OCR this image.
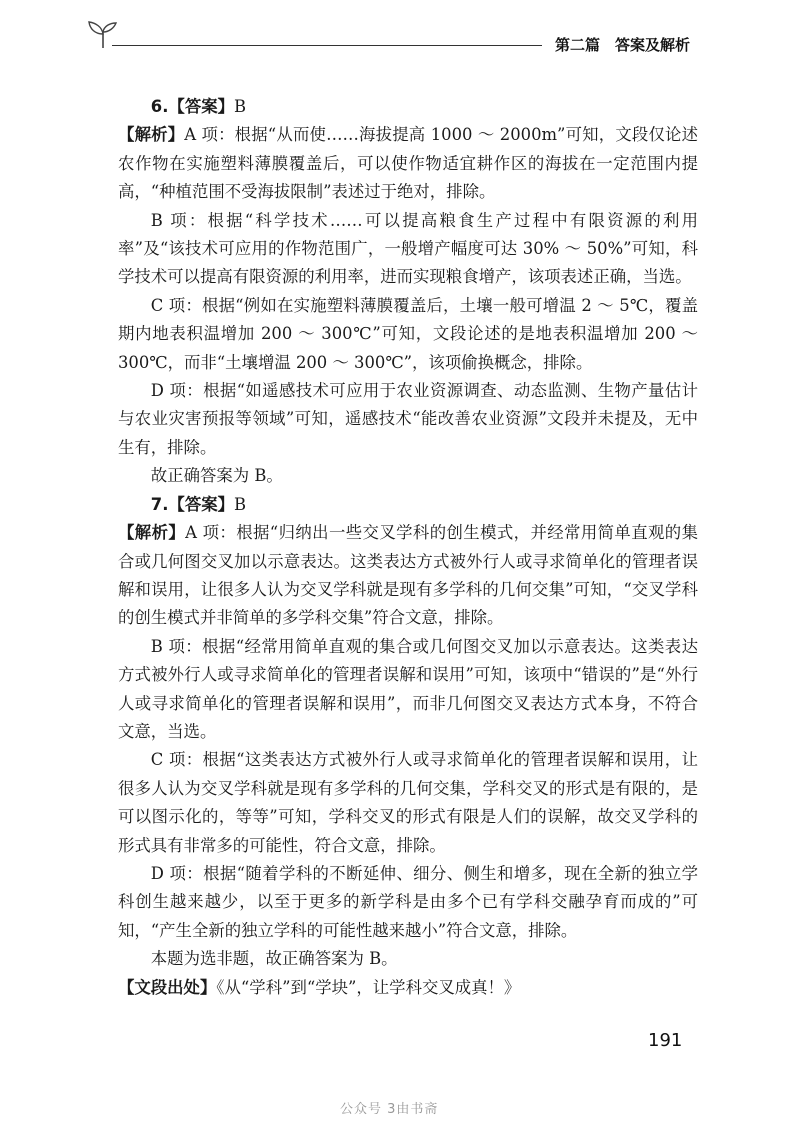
第二篇　答案及解析

6.【答案】B

【解析】A 项：根据“从而使……海拔提高 1000 ～ 2000m”可知，文段仅论述农作物在实施塑料薄膜覆盖后，可以使作物适宜耕作区的海拔在一定范围内提高，“种植范围不受海拔限制”表述过于绝对，排除。

B 项：根据“科学技术……可以提高粮食生产过程中有限资源的利用率”及“该技术可应用的作物范围广，一般增产幅度可达 30% ～ 50%”可知，科学技术可以提高有限资源的利用率，进而实现粮食增产，该项表述正确，当选。

C 项：根据“例如在实施塑料薄膜覆盖后，土壤一般可增温 2 ～ 5℃，覆盖期内地表积温增加 200 ～ 300℃”可知，文段论述的是地表积温增加 200 ～ 300℃，而非“土壤增温 200 ～ 300℃”，该项偷换概念，排除。

D 项：根据“如遥感技术可应用于农业资源调查、动态监测、生物产量估计与农业灾害预报等领域”可知，遥感技术“能改善农业资源”文段并未提及，无中生有，排除。

故正确答案为 B。

7.【答案】B

【解析】A 项：根据“归纳出一些交叉学科的创生模式，并经常用简单直观的集合或几何图交叉加以示意表达。这类表达方式被外行人或寻求简单化的管理者误解和误用，让很多人认为交叉学科就是现有多学科的几何交集”可知，“交叉学科的创生模式并非简单的多学科交集”符合文意，排除。

B 项：根据“经常用简单直观的集合或几何图交叉加以示意表达。这类表达方式被外行人或寻求简单化的管理者误解和误用”可知，该项中“错误的”是“外行人或寻求简单化的管理者误解和误用”，而非几何图交叉表达方式本身，不符合文意，当选。

C 项：根据“这类表达方式被外行人或寻求简单化的管理者误解和误用，让很多人认为交叉学科就是现有多学科的几何交集，学科交叉的形式是有限的，是可以图示化的，等等”可知，学科交叉的形式有限是人们的误解，故交叉学科的形式具有非常多的可能性，符合文意，排除。

D 项：根据“随着学科的不断延伸、细分、侧生和增多，现在全新的独立学科创生越来越少，以至于更多的新学科是由多个已有学科交融孕育而成的”可知，“产生全新的独立学科的可能性越来越小”符合文意，排除。

本题为选非题，故正确答案为 B。

【文段出处】《从“学科”到“学块”，让学科交叉成真！》

191
公众号 3由书斋
